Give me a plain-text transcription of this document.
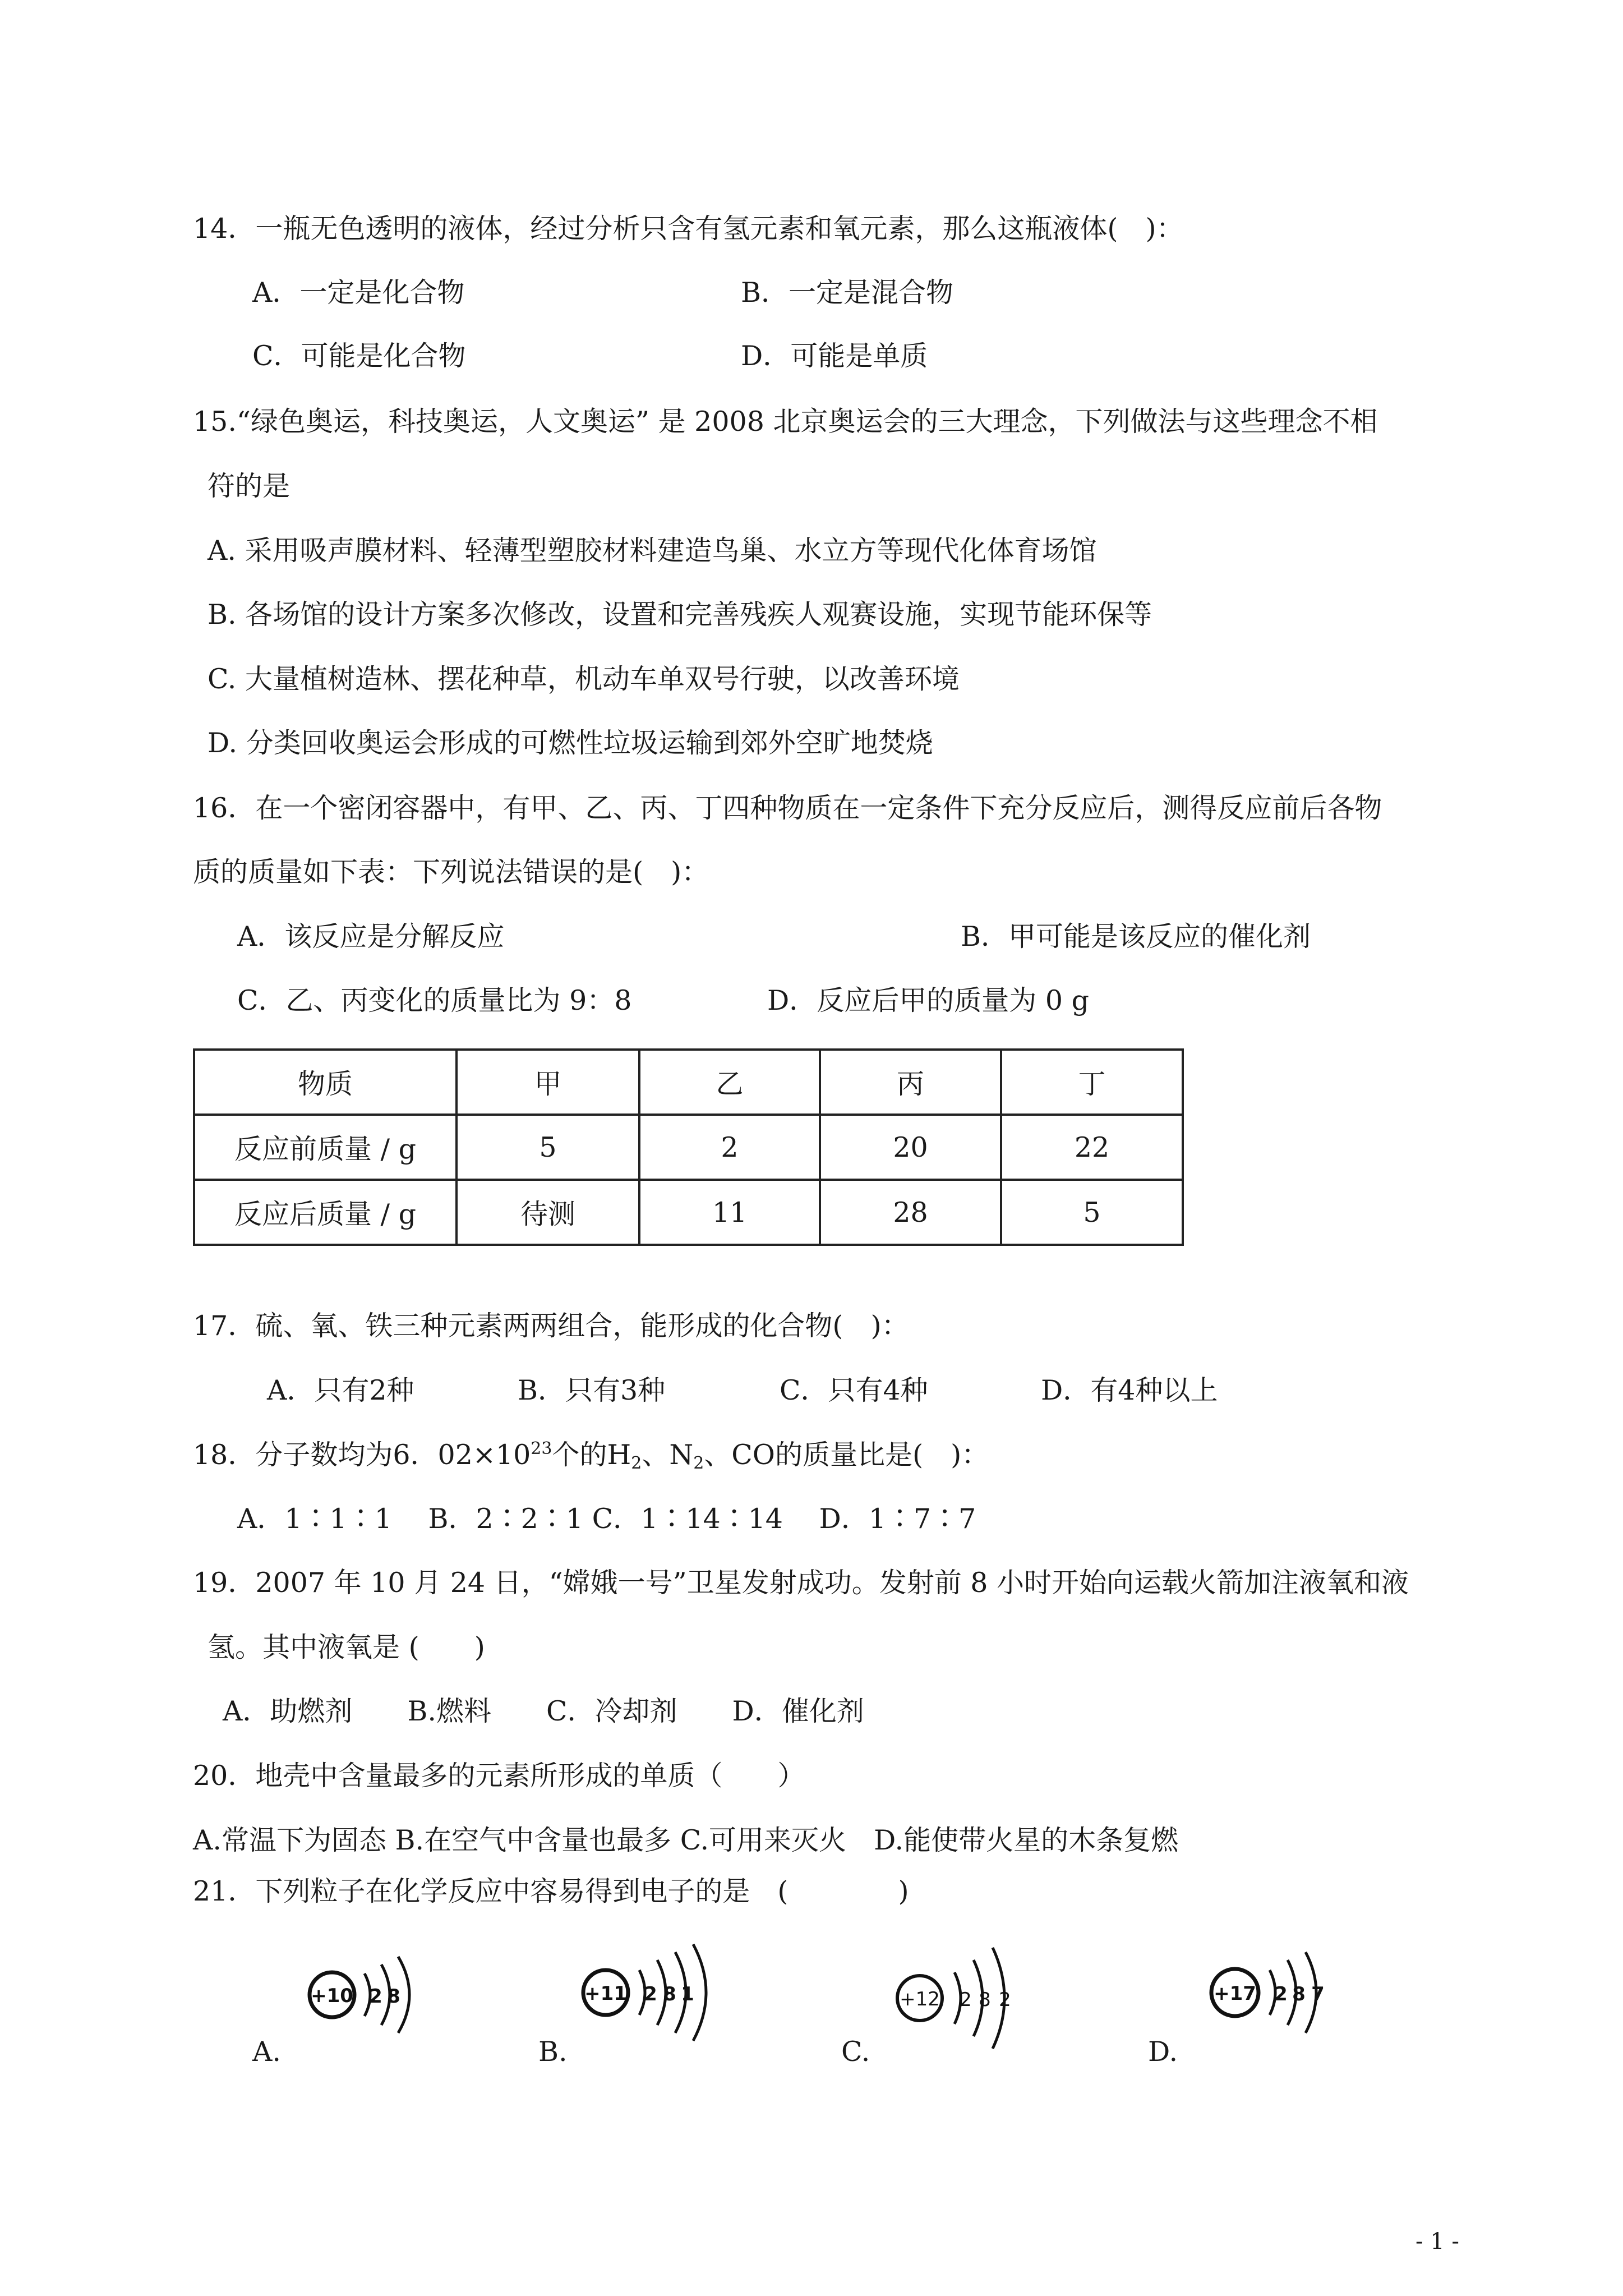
14．一瓶无色透明的液体，经过分析只含有氢元素和氧元素，那么这瓶液体(　)：
A．一定是化合物	B．一定是混合物
C．可能是化合物	D．可能是单质
15.“绿色奥运，科技奥运，人文奥运” 是 2008 北京奥运会的三大理念，下列做法与这些理念不相
符的是
A. 采用吸声膜材料、轻薄型塑胶材料建造鸟巢、水立方等现代化体育场馆
B. 各场馆的设计方案多次修改，设置和完善残疾人观赛设施，实现节能环保等
C. 大量植树造林、摆花种草，机动车单双号行驶，以改善环境
D. 分类回收奥运会形成的可燃性垃圾运输到郊外空旷地焚烧
16．在一个密闭容器中，有甲、乙、丙、丁四种物质在一定条件下充分反应后，测得反应前后各物
质的质量如下表：下列说法错误的是(　)：
A．该反应是分解反应	B．甲可能是该反应的催化剂
C．乙、丙变化的质量比为 9：8	D．反应后甲的质量为 0 g
物质	甲	乙	丙	丁
反应前质量 / g	5	2	20	22
反应后质量 / g	待测	11	28	5
17．硫、氧、铁三种元素两两组合，能形成的化合物(　)：
A．只有2种	B．只有3种	C．只有4种	D．有4种以上
18．分子数均为6．$02\times 10^{23}$个的$H_2$、$N_2$、CO的质量比是(　)：
A．1∶1∶1　 B．2∶2∶1 C．1∶14∶14　 D．1∶7∶7
19．2007 年 10 月 24 日，“嫦娥一号”卫星发射成功。发射前 8 小时开始向运载火箭加注液氧和液
氢。其中液氧是 (　　)
A．助燃剂　　B.燃料　　C．冷却剂　　D．催化剂
20．地壳中含量最多的元素所形成的单质（　　）
A.常温下为固态 B.在空气中含量也最多 C.可用来灭火　D.能使带火星的木条复燃
21．下列粒子在化学反应中容易得到电子的是　(　　　　)
+10 2 8
A.
+11 2 8 1
B.
+12 2 8 2
C.
+17 2 8 7
D.
- 1 -
